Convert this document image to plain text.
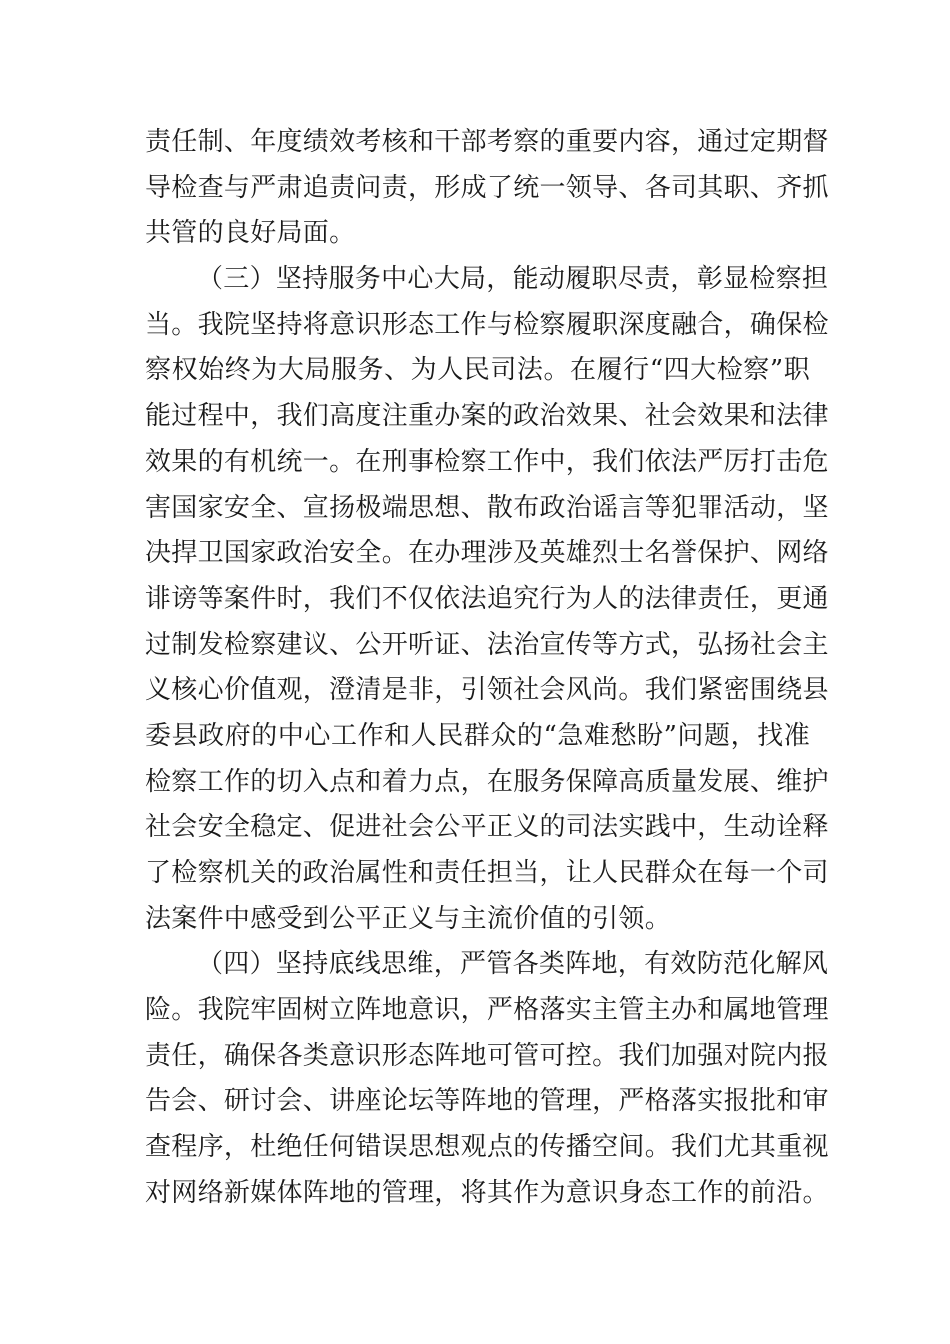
责任制、年度绩效考核和干部考察的重要内容，通过定期督
导检查与严肃追责问责，形成了统一领导、各司其职、齐抓
共管的良好局面。
（三）坚持服务中心大局，能动履职尽责，彰显检察担
当。我院坚持将意识形态工作与检察履职深度融合，确保检
察权始终为大局服务、为人民司法。在履行“四大检察”职
能过程中，我们高度注重办案的政治效果、社会效果和法律
效果的有机统一。在刑事检察工作中，我们依法严厉打击危
害国家安全、宣扬极端思想、散布政治谣言等犯罪活动，坚
决捍卫国家政治安全。在办理涉及英雄烈士名誉保护、网络
诽谤等案件时，我们不仅依法追究行为人的法律责任，更通
过制发检察建议、公开听证、法治宣传等方式，弘扬社会主
义核心价值观，澄清是非，引领社会风尚。我们紧密围绕县
委县政府的中心工作和人民群众的“急难愁盼”问题，找准
检察工作的切入点和着力点，在服务保障高质量发展、维护
社会安全稳定、促进社会公平正义的司法实践中，生动诠释
了检察机关的政治属性和责任担当，让人民群众在每一个司
法案件中感受到公平正义与主流价值的引领。
（四）坚持底线思维，严管各类阵地，有效防范化解风
险。我院牢固树立阵地意识，严格落实主管主办和属地管理
责任，确保各类意识形态阵地可管可控。我们加强对院内报
告会、研讨会、讲座论坛等阵地的管理，严格落实报批和审
查程序，杜绝任何错误思想观点的传播空间。我们尤其重视
对网络新媒体阵地的管理，将其作为意识身态工作的前沿。
